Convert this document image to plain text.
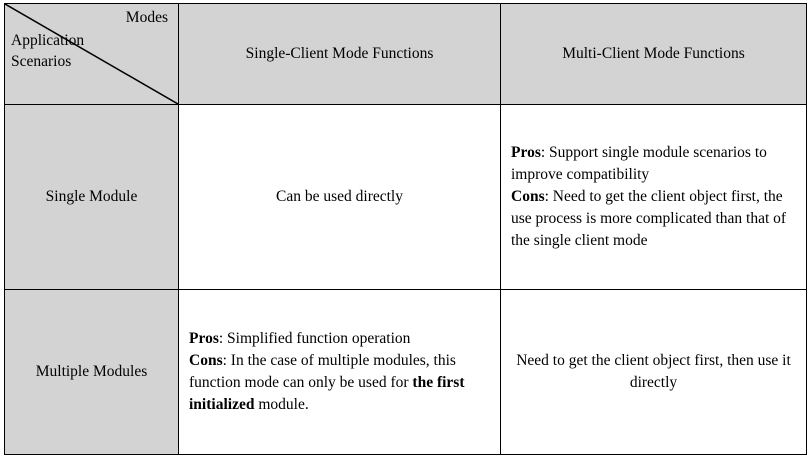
Modes
Application
Scenarios	Single-Client Mode Functions	Multi-Client Mode Functions
Single Module	Can be used directly	Pros: Support single module scenarios to improve compatibility
Cons: Need to get the client object first, the use process is more complicated than that of the single client mode

Multiple Modules	Pros: Simplified function operation
Cons: In the case of multiple modules, this function mode can only be used for the first initialized module.	Need to get the client object first, then use it directly
